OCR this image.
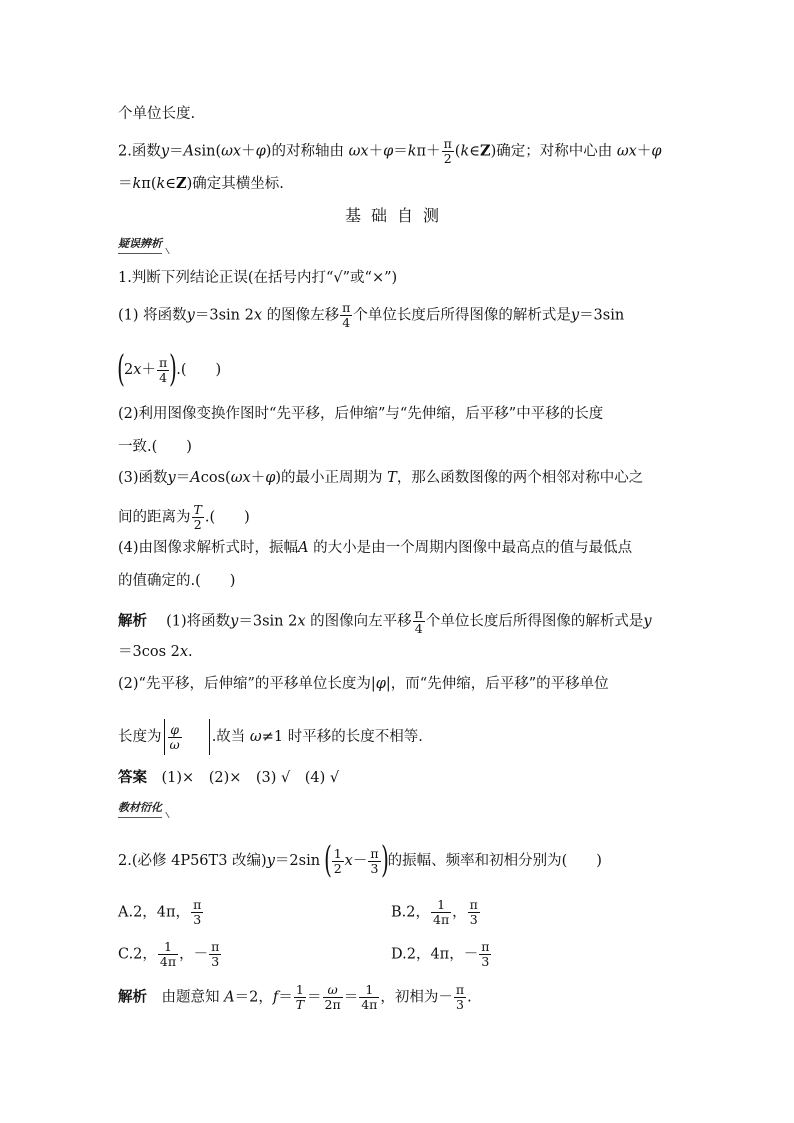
个单位长度.
2.函数y＝Asin(ωx＋φ)的对称轴由 $\omega x+\varphi=k\pi+ \frac{\pi}{2}$ (k∈Z)确定；对称中心由 ωx＋φ
＝kπ(k∈Z)确定其横坐标.
基础自测
疑误辨析
1.判断下列结论正误(在括号内打“√”或“×”)
(1) 将函数y＝3sin 2x 的图像左移 $\frac{\pi}{4}$ 个单位长度后所得图像的解析式是y＝3sin
($2x+ \frac{\pi}{4}$ ).(　　)
(2)利用图像变换作图时“先平移，后伸缩”与“先伸缩，后平移”中平移的长度
一致.(　　)
(3)函数y＝Acos(ωx＋φ)的最小正周期为 T，那么函数图像的两个相邻对称中心之
间的距离为 $\frac{T}{2}$ .(　　)
(4)由图像求解析式时，振幅A 的大小是由一个周期内图像中最高点的值与最低点
的值确定的.(　　)
解析　 (1)将函数y＝3sin 2x 的图像向左平移 $\frac{\pi}{4}$ 个单位长度后所得图像的解析式是y
＝3cos 2x.
(2)“先平移，后伸缩”的平移单位长度为|φ|，而“先伸缩，后平移”的平移单位
长度为 $\frac{\varphi}{\omega}$ .故当 ω≠1 时平移的长度不相等.
答案　 (1)×　(2)×　(3) √　(4) √
教材衍化
2.(必修 4P56T3 改编)y＝2sin ( $\frac{1}{2} x- \frac{\pi}{3}$ )的振幅、频率和初相分别为(　　)
A.2，4π， $\frac{\pi}{3}$	B.2， $\frac{1}{4\pi}$ ， $\frac{\pi}{3}$
C.2， $\frac{1}{4\pi}$ ，－ $\frac{\pi}{3}$	D.2，4π，－ $\frac{\pi}{3}$
解析　 由题意知 A＝2，$f= \frac{1}{T} = \frac{\omega}{2\pi} = \frac{1}{4\pi}$ ，初相为－ $\frac{\pi}{3}$ .
